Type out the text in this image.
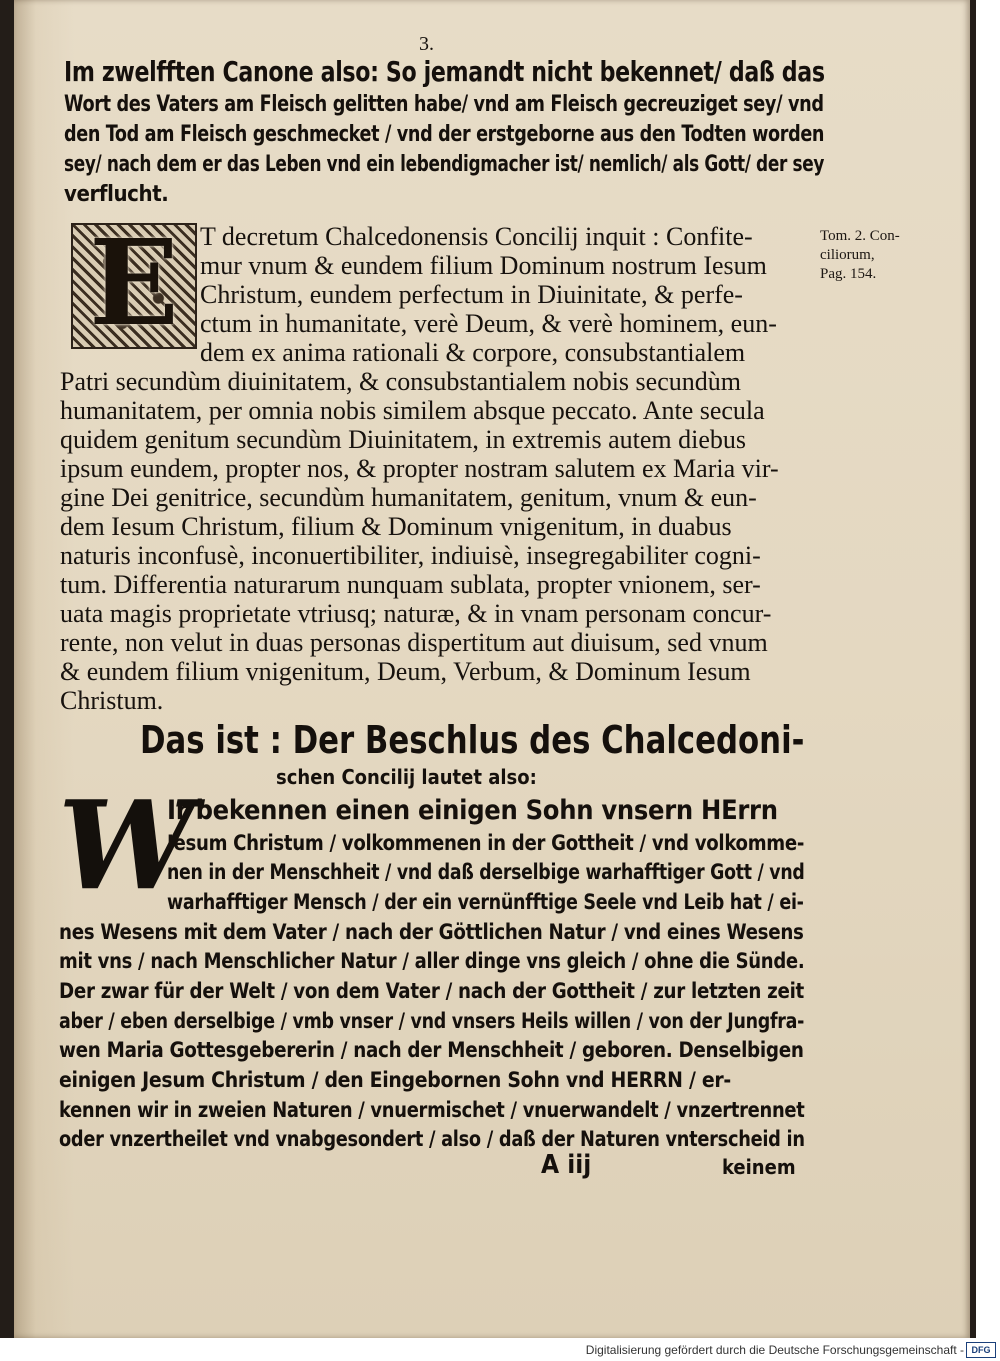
3.
Im zwelfften Canone also: So jemandt nicht bekennet/ daß das
Wort des Vaters am Fleisch gelitten habe/ vnd am Fleisch gecreuziget sey/ vnd
den Tod am Fleisch geschmecket / vnd der erstgeborne aus den Todten worden
sey/ nach dem er das Leben vnd ein lebendigmacher ist/ nemlich/ als Gott/ der sey
verflucht.
E T decretum Chalcedonensis Concilij inquit : Confite-
mur vnum & eundem filium Dominum nostrum Iesum
Christum, eundem perfectum in Diuinitate, & perfe-
ctum in humanitate, verè Deum, & verè hominem, eun-
dem ex anima rationali & corpore, consubstantialem
Patri secundùm diuinitatem, & consubstantialem nobis secundùm
humanitatem, per omnia nobis similem absque peccato. Ante secula
quidem genitum secundùm Diuinitatem, in extremis autem diebus
ipsum eundem, propter nos, & propter nostram salutem ex Maria vir-
gine Dei genitrice, secundùm humanitatem, genitum, vnum & eun-
dem Iesum Christum, filium & Dominum vnigenitum, in duabus
naturis inconfusè, inconuertibiliter, indiuisè, insegregabiliter cogni-
tum. Differentia naturarum nunquam sublata, propter vnionem, ser-
uata magis proprietate vtriusq; naturæ, & in vnam personam concur-
rente, non velut in duas personas dispertitum aut diuisum, sed vnum
& eundem filium vnigenitum, Deum, Verbum, & Dominum Iesum
Christum.
Tom. 2. Con-
ciliorum,
Pag. 154.
Das ist : Der Beschlus des Chalcedoni-
schen Concilij lautet also:
W
Ir bekennen einen einigen Sohn vnsern HErrn
Jesum Christum / volkommenen in der Gottheit / vnd volkomme-
nen in der Menschheit / vnd daß derselbige warhafftiger Gott / vnd
warhafftiger Mensch / der ein vernünfftige Seele vnd Leib hat / ei-
nes Wesens mit dem Vater / nach der Göttlichen Natur / vnd eines Wesens
mit vns / nach Menschlicher Natur / aller dinge vns gleich / ohne die Sünde.
Der zwar für der Welt / von dem Vater / nach der Gottheit / zur letzten zeit
aber / eben derselbige / vmb vnser / vnd vnsers Heils willen / von der Jungfra-
wen Maria Gottesgebererin / nach der Menschheit / geboren. Denselbigen
einigen Jesum Christum / den Eingebornen Sohn vnd HERRN / er-
kennen wir in zweien Naturen / vnuermischet / vnuerwandelt / vnzertrennet
oder vnzertheilet vnd vnabgesondert / also / daß der Naturen vnterscheid in
A iij	keinem
Digitalisierung gefördert durch die Deutsche Forschungsgemeinschaft - DFG
